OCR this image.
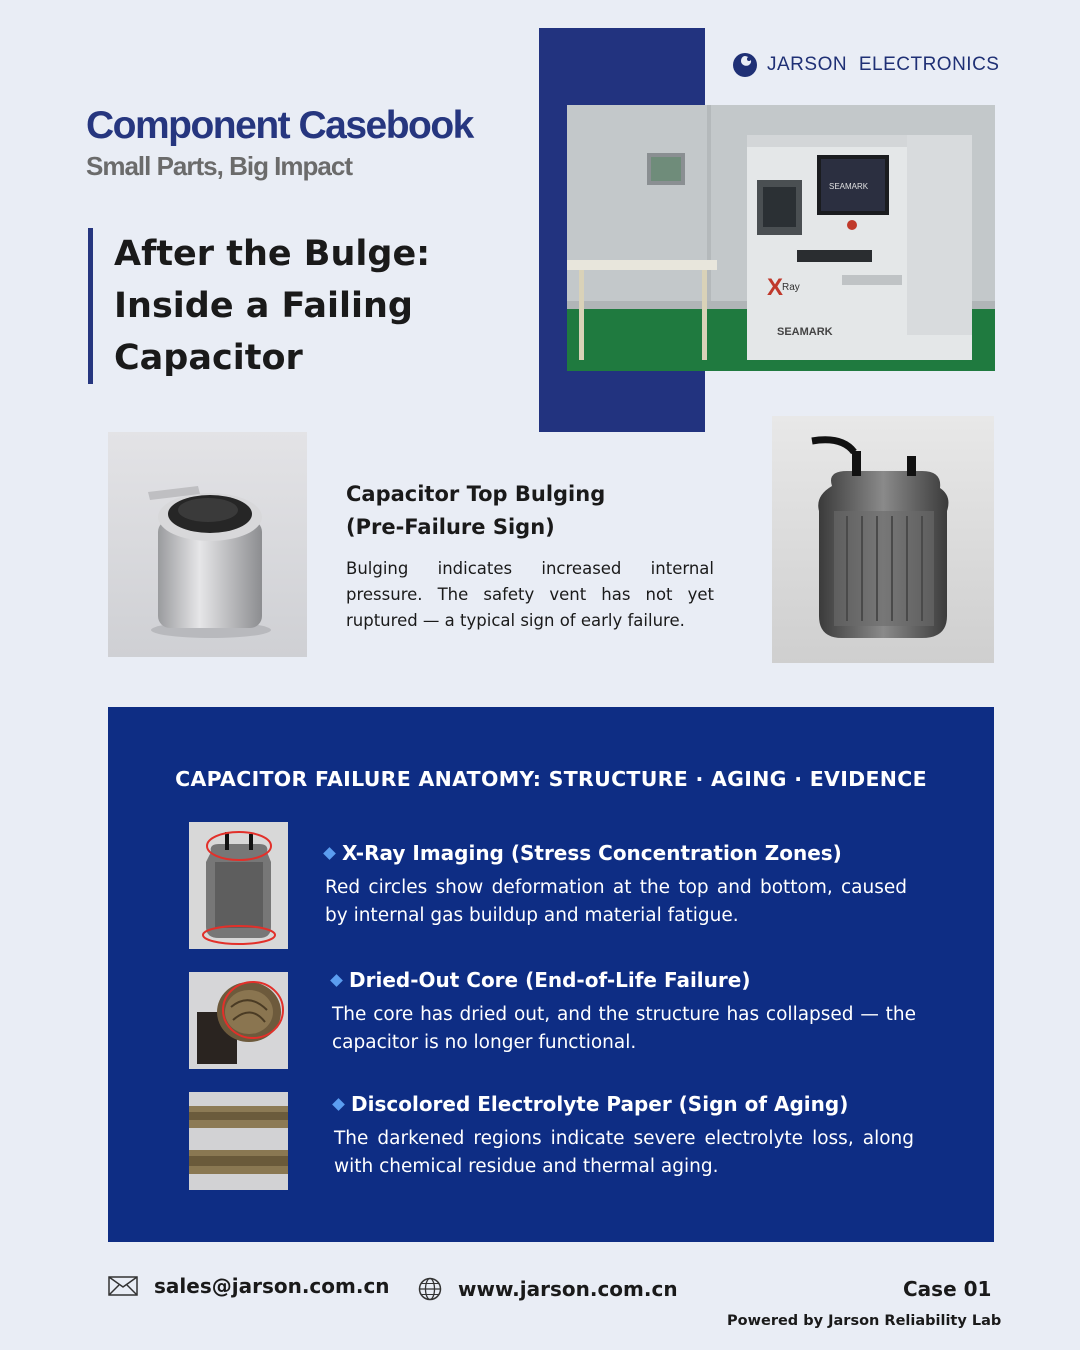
JARSON ELECTRONICS
Component Casebook
Small Parts, Big Impact
After the Bulge:
Inside a Failing
Capacitor
SEAMARK
X
Ray
SEAMARK
Capacitor Top Bulging
(Pre-Failure Sign)

Bulging indicates increased internal pressure. The safety vent has not yet ruptured — a typical sign of early failure.

CAPACITOR FAILURE ANATOMY: STRUCTURE · AGING · EVIDENCE
X-Ray Imaging (Stress Concentration Zones)

Red circles show deformation at the top and bottom, caused by internal gas buildup and material fatigue.

Dried-Out Core (End-of-Life Failure)

The core has dried out, and the structure has collapsed — the capacitor is no longer functional.

Discolored Electrolyte Paper (Sign of Aging)

The darkened regions indicate severe electrolyte loss, along with chemical residue and thermal aging.

sales@jarson.com.cn	www.jarson.com.cn	Case 01
Powered by Jarson Reliability Lab
